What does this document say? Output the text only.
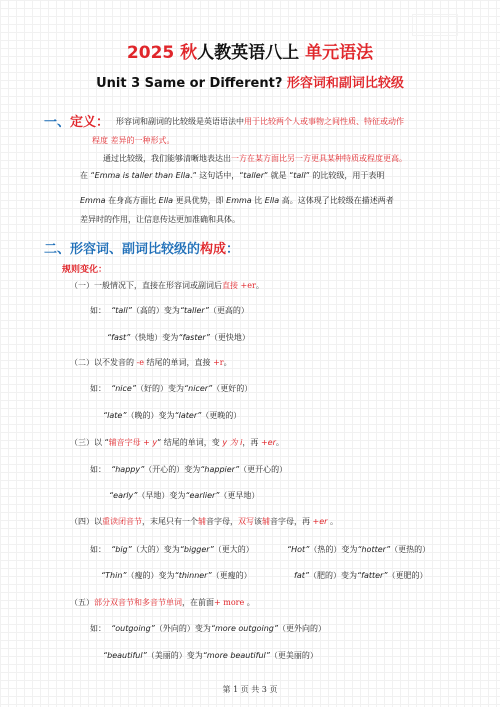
2025 秋人教英语八上 单元语法
Unit 3 Same or Different? 形容词和副词比较级
一、定义： 形容词和副词的比较级是英语语法中用于比较两个人或事物之间性质、特征或动作
程度 差异的一种形式。
通过比较级，我们能够清晰地表达出一方在某方面比另一方更具某种特质或程度更高。
在 “Emma is taller than Ella.” 这句话中，“taller” 就是 “tall” 的比较级，用于表明
Emma 在身高方面比 Ella 更具优势，即 Emma 比 Ella 高。这体现了比较级在描述两者
差异时的作用，让信息传达更加准确和具体。
二、形容词、副词比较级的构成：
规则变化：
（一）一般情况下，直接在形容词或副词后直接 +er。
如： “tall”（高的）变为“taller”（更高的）
“fast”（快地）变为“faster”（更快地）
（二）以不发音的 -e 结尾的单词，直接 +r。
如： “nice”（好的）变为“nicer”（更好的）
“late”（晚的）变为“later”（更晚的）
（三）以 “辅音字母 + y” 结尾的单词，变 y 为 i，再 +er。
如： “happy”（开心的）变为“happier”（更开心的）
“early”（早地）变为“earlier”（更早地）
（四）以重读闭音节，末尾只有一个辅音字母，双写该辅音字母，再 +er 。
如： “big”（大的）变为“bigger”（更大的）	“Hot”（热的）变为“hotter”（更热的）
“Thin”（瘦的）变为“thinner”（更瘦的）	fat”（肥的）变为“fatter”（更肥的）
（五）部分双音节和多音节单词，在前面+ more 。
如： “outgoing”（外向的）变为“more outgoing”（更外向的）
“beautiful”（美丽的）变为“more beautiful”（更美丽的）
第 1 页 共 3 页
